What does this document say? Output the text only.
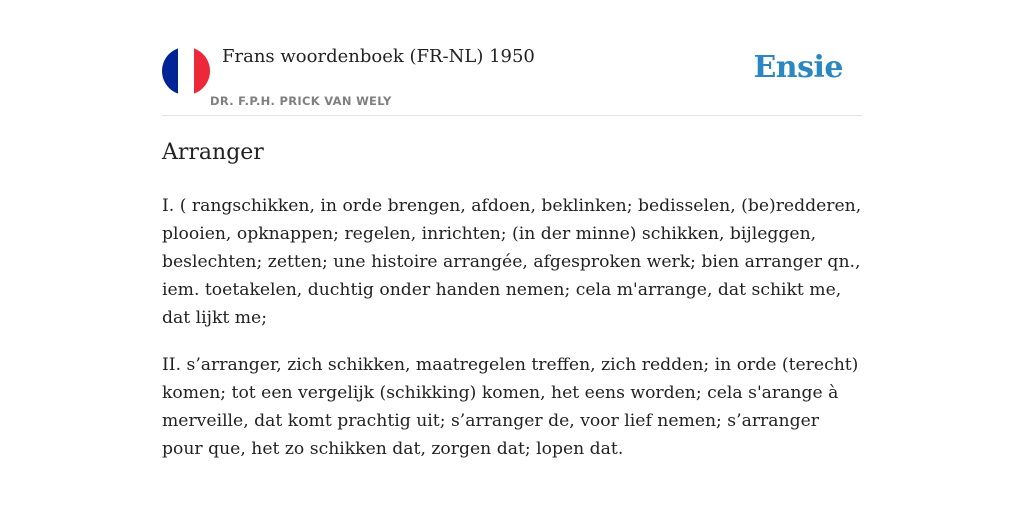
Frans woordenboek (FR-NL) 1950
DR. F.P.H. PRICK VAN WELY
Ensie
Arranger

I. ( rangschikken, in orde brengen, afdoen, beklinken; bedisselen, (be)redderen, plooien, opknappen; regelen, inrichten; (in der minne) schikken, bijleggen, beslechten; zetten; une histoire arrangée, afgesproken werk; bien arranger qn., iem. toetakelen, duchtig onder handen nemen; cela m'arrange, dat schikt me, dat lijkt me;

II. s’arranger, zich schikken, maatregelen treffen, zich redden; in orde (terecht) komen; tot een vergelijk (schikking) komen, het eens worden; cela s'arange à merveille, dat komt prachtig uit; s’arranger de, voor lief nemen; s’arranger pour que, het zo schikken dat, zorgen dat; lopen dat.
